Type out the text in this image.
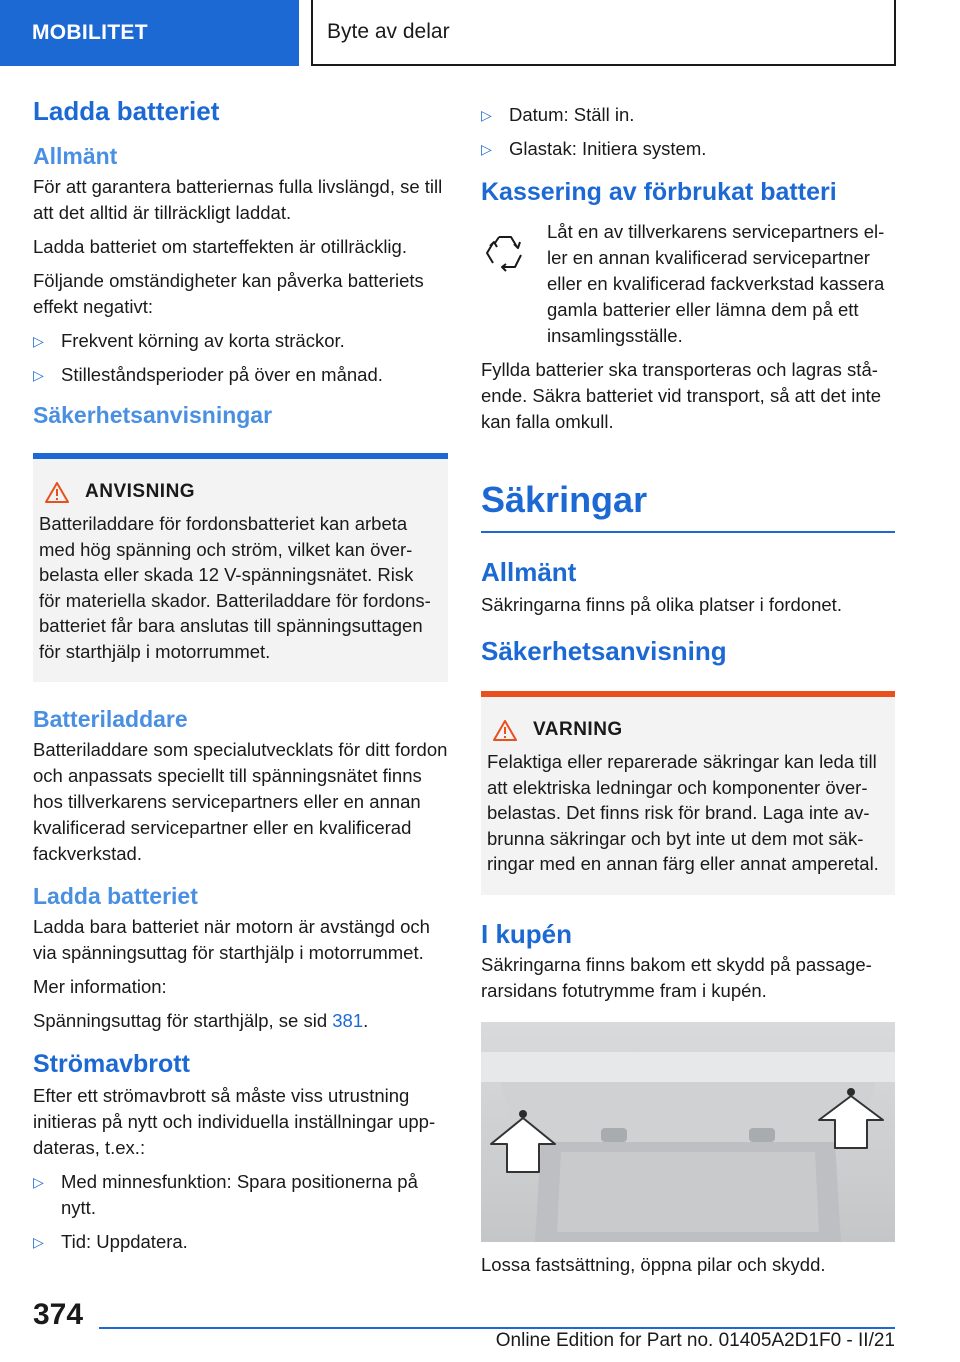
MOBILITET	Byte av delar
Ladda batteriet
Allmänt

För att garantera batteriernas fulla livslängd, se till att det alltid är tillräckligt laddat.

Ladda batteriet om starteffekten är otillräcklig.

Följande omständigheter kan påverka batteriets effekt negativt:

▷ Frekvent körning av korta sträckor.
▷ Stilleståndsperioder på över en månad.
Säkerhetsanvisningar
ANVISNING

Batteriladdare för fordonsbatteriet kan arbeta med hög spänning och ström, vilket kan överbelasta eller skada 12 V-spänningsnätet. Risk för materiella skador. Batteriladdare för fordonsbatteriet får bara anslutas till spänningsuttagen för starthjälp i motorrummet.

Batteriladdare

Batteriladdare som specialutvecklats för ditt fordon och anpassats speciellt till spänningsnätet finns hos tillverkarens servicepartners eller en annan kvalificerad servicepartner eller en kvalificerad fackverkstad.

Ladda batteriet

Ladda bara batteriet när motorn är avstängd och via spänningsuttag för starthjälp i motorrummet.

Mer information:

Spänningsuttag för starthjälp, se sid 381.

Strömavbrott

Efter ett strömavbrott så måste viss utrustning initieras på nytt och individuella inställningar uppdateras, t.ex.:

▷ Med minnesfunktion: Spara positionerna på nytt.
▷ Tid: Uppdatera.
▷ Datum: Ställ in.
▷ Glastak: Initiera system.
Kassering av förbrukat batteri

Låt en av tillverkarens servicepartners eller en annan kvalificerad servicepartner eller en kvalificerad fackverkstad kassera gamla batterier eller lämna dem på ett insamlingsställe.

Fyllda batterier ska transporteras och lagras stående. Säkra batteriet vid transport, så att det inte kan falla omkull.

Säkringar
Allmänt

Säkringarna finns på olika platser i fordonet.

Säkerhetsanvisning
VARNING

Felaktiga eller reparerade säkringar kan leda till att elektriska ledningar och komponenter överbelastas. Det finns risk för brand. Laga inte avbrunna säkringar och byt inte ut dem mot säkringar med en annan färg eller annat amperetal.

I kupén

Säkringarna finns bakom ett skydd på passagerarsidans fotutrymme fram i kupén.

Lossa fastsättning, öppna pilar och skydd.

374
Online Edition for Part no. 01405A2D1F0 - II/21
